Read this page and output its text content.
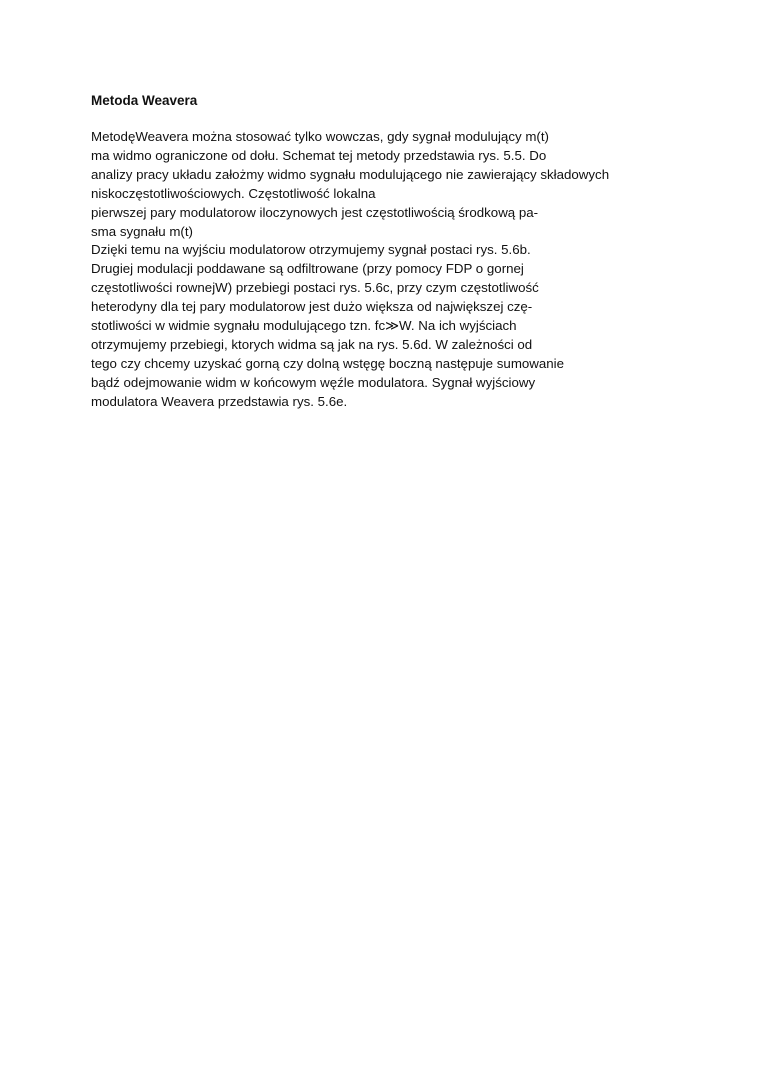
Metoda Weavera
MetodęWeavera można stosować tylko wowczas, gdy sygnał modulujący m(t)
ma widmo ograniczone od dołu. Schemat tej metody przedstawia rys. 5.5. Do
analizy pracy układu założmy widmo sygnału modulującego nie zawierający składowych
niskoczęstotliwościowych. Częstotliwość lokalna
pierwszej pary modulatorow iloczynowych jest częstotliwością środkową pa-
sma sygnału m(t)
Dzięki temu na wyjściu modulatorow otrzymujemy sygnał postaci rys. 5.6b.
Drugiej modulacji poddawane są odfiltrowane (przy pomocy FDP o gornej
częstotliwości rownejW) przebiegi postaci rys. 5.6c, przy czym częstotliwość
heterodyny dla tej pary modulatorow jest dużo większa od największej czę-
stotliwości w widmie sygnału modulującego tzn. fc≫W. Na ich wyjściach
otrzymujemy przebiegi, ktorych widma są jak na rys. 5.6d. W zależności od
tego czy chcemy uzyskać gorną czy dolną wstęgę boczną następuje sumowanie
bądź odejmowanie widm w końcowym węźle modulatora. Sygnał wyjściowy
modulatora Weavera przedstawia rys. 5.6e.
